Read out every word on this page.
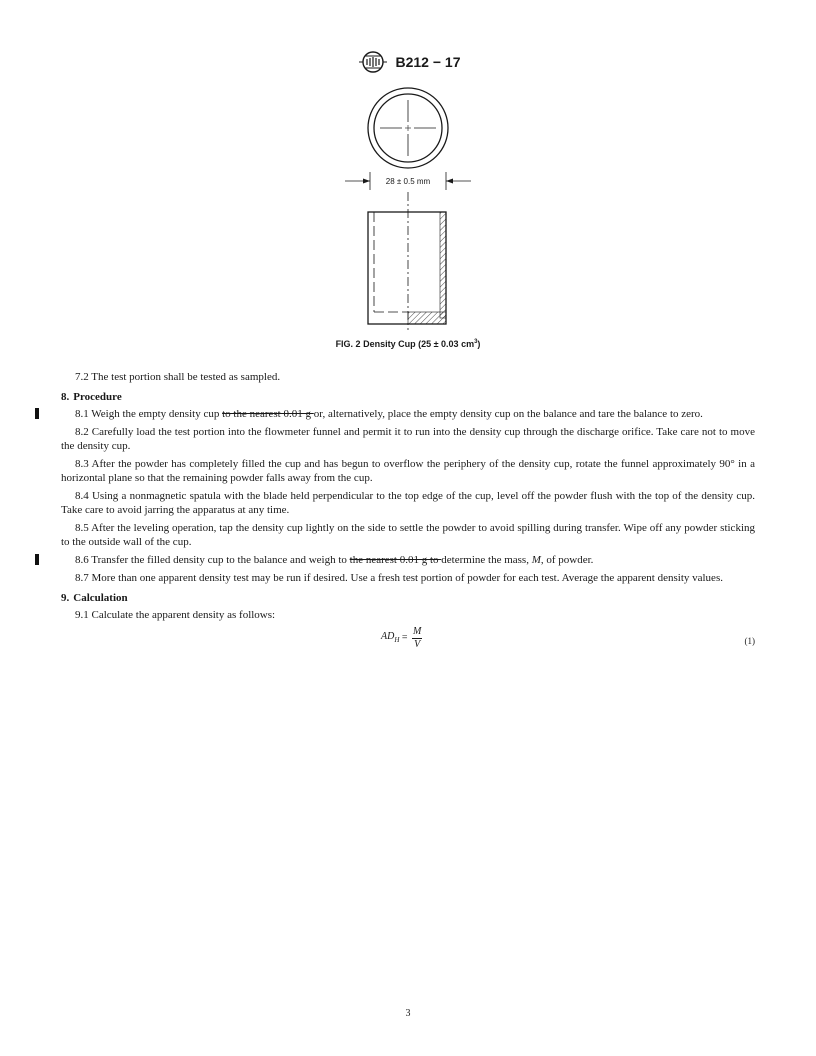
B212 − 17
28 ± 0.5 mm
FIG. 2 Density Cup (25 ± 0.03 $cm^3$)

7.2 The test portion shall be tested as sampled.

8. Procedure

8.1 Weigh the empty density cup to the nearest 0.01 g or, alternatively, place the empty density cup on the balance and tare the balance to zero.

8.2 Carefully load the test portion into the flowmeter funnel and permit it to run into the density cup through the discharge orifice. Take care not to move the density cup.

8.3 After the powder has completely filled the cup and has begun to overflow the periphery of the density cup, rotate the funnel approximately 90° in a horizontal plane so that the remaining powder falls away from the cup.

8.4 Using a nonmagnetic spatula with the blade held perpendicular to the top edge of the cup, level off the powder flush with the top of the density cup. Take care to avoid jarring the apparatus at any time.

8.5 After the leveling operation, tap the density cup lightly on the side to settle the powder to avoid spilling during transfer. Wipe off any powder sticking to the outside wall of the cup.

8.6 Transfer the filled density cup to the balance and weigh to the nearest 0.01 g to determine the mass, M, of powder.

8.7 More than one apparent density test may be run if desired. Use a fresh test portion of powder for each test. Average the apparent density values.

9. Calculation

9.1 Calculate the apparent density as follows:

$AD_H = \frac{M}{V}$	(1)
3
